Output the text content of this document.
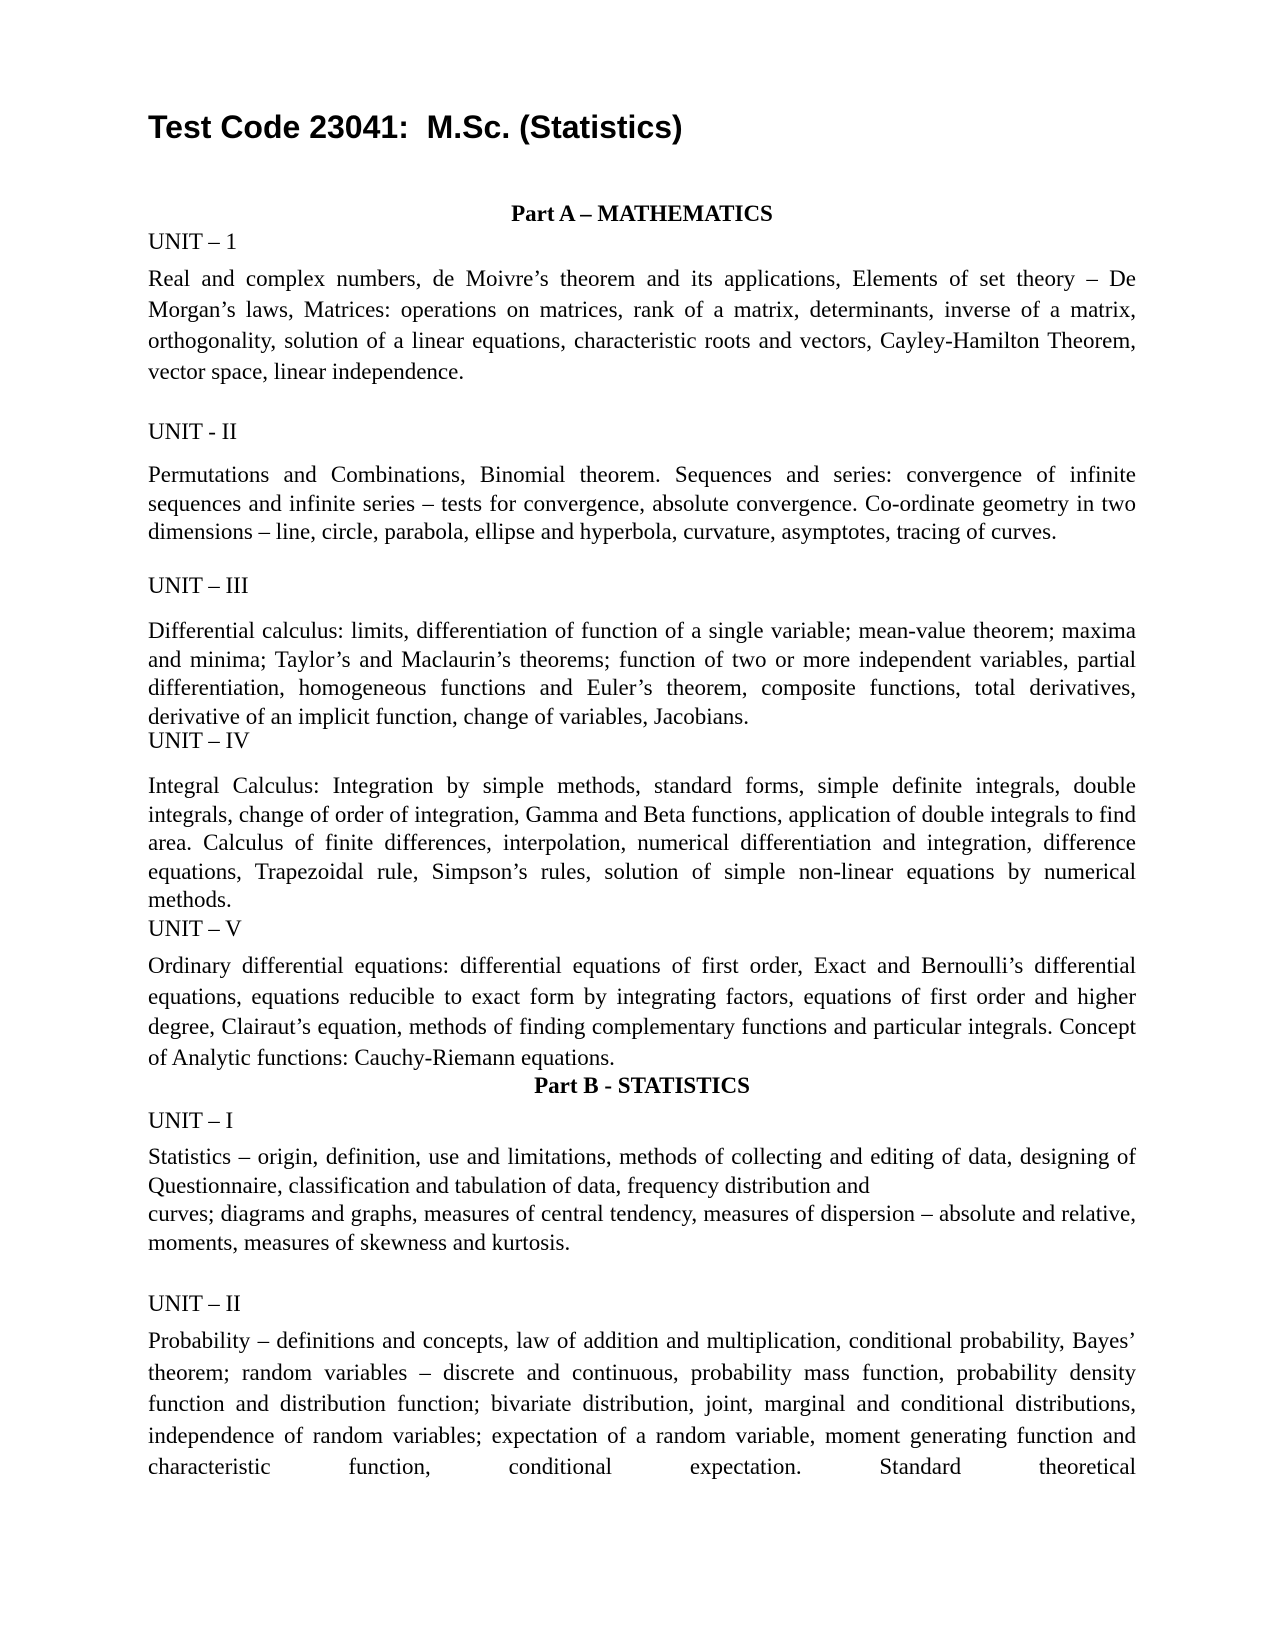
Test Code 23041:  M.Sc. (Statistics)
Part A – MATHEMATICS
UNIT – 1

Real and complex numbers, de Moivre’s theorem and its applications, Elements of set theory – De Morgan’s laws, Matrices: operations on matrices, rank of a matrix, determinants, inverse of a matrix, orthogonality, solution of a linear equations, characteristic roots and vectors, Cayley-Hamilton Theorem, vector space, linear independence.

UNIT - II

Permutations and Combinations, Binomial theorem. Sequences and series: convergence of infinite sequences and infinite series – tests for convergence, absolute convergence. Co-ordinate geometry in two dimensions – line, circle, parabola, ellipse and hyperbola, curvature, asymptotes, tracing of curves.

UNIT – III

Differential calculus: limits, differentiation of function of a single variable; mean-value theorem; maxima and minima; Taylor’s and Maclaurin’s theorems; function of two or more independent variables, partial differentiation, homogeneous functions and Euler’s theorem, composite functions, total derivatives, derivative of an implicit function, change of variables, Jacobians.

UNIT – IV

Integral Calculus: Integration by simple methods, standard forms, simple definite integrals, double integrals, change of order of integration, Gamma and Beta functions, application of double integrals to find area. Calculus of finite differences, interpolation, numerical differentiation and integration, difference equations, Trapezoidal rule, Simpson’s rules, solution of simple non-linear equations by numerical methods.

UNIT – V

Ordinary differential equations: differential equations of first order, Exact and Bernoulli’s differential equations, equations reducible to exact form by integrating factors, equations of first order and higher degree, Clairaut’s equation, methods of finding complementary functions and particular integrals. Concept of Analytic functions: Cauchy-Riemann equations.

Part B - STATISTICS
UNIT – I

Statistics – origin, definition, use and limitations, methods of collecting and editing of data, designing of Questionnaire, classification and tabulation of data, frequency distribution and
curves; diagrams and graphs, measures of central tendency, measures of dispersion – absolute and relative, moments, measures of skewness and kurtosis.

UNIT – II

Probability – definitions and concepts, law of addition and multiplication, conditional probability, Bayes’ theorem; random variables – discrete and continuous, probability mass function, probability density function and distribution function; bivariate distribution, joint, marginal and conditional distributions, independence of random variables; expectation of a random variable, moment generating function and characteristic function, conditional expectation. Standard theoretical
